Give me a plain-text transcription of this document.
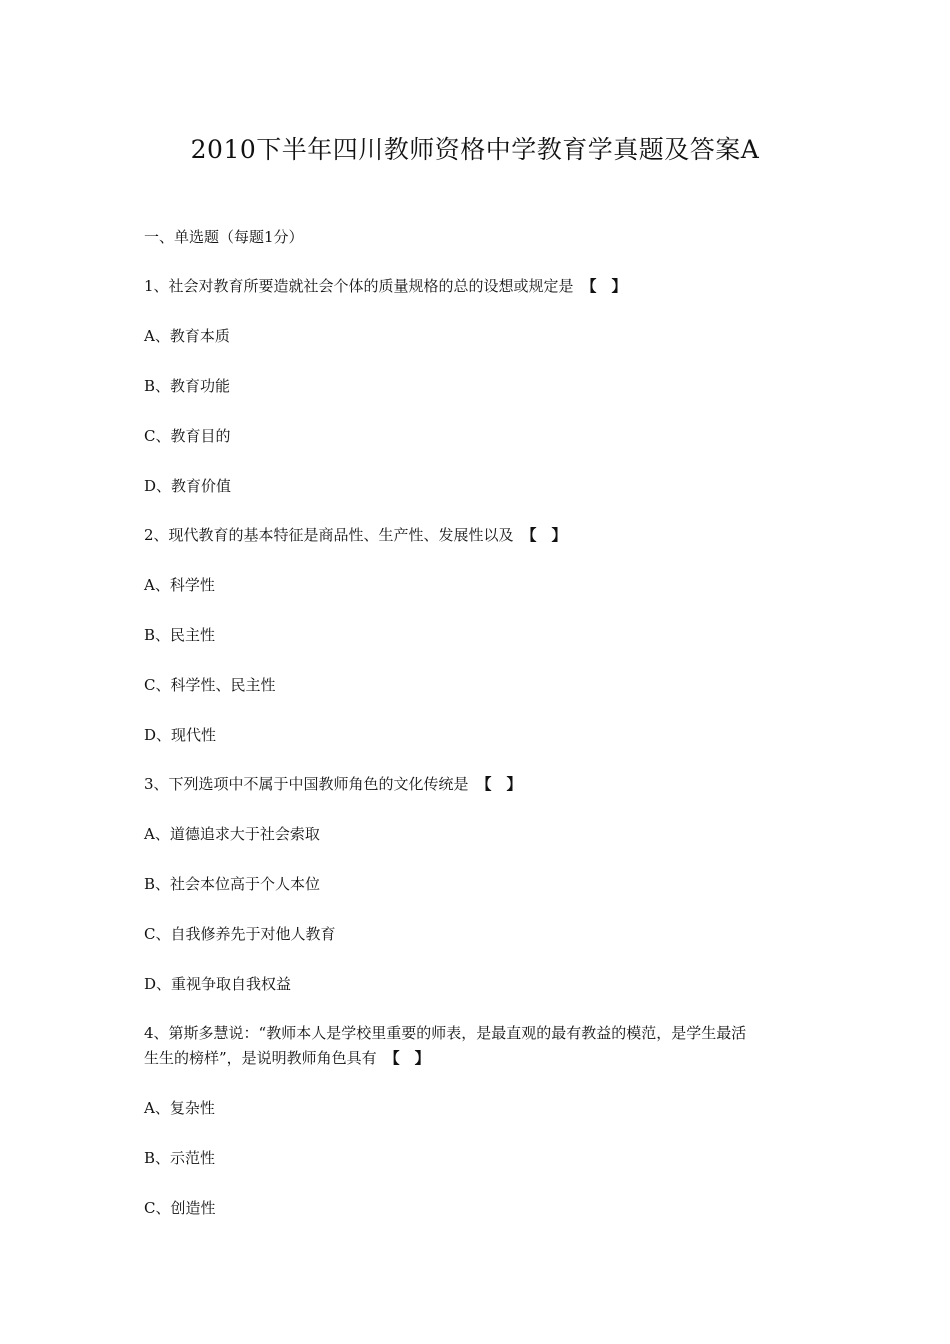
2010下半年四川教师资格中学教育学真题及答案A
一、单选题（每题1分）
1、社会对教育所要造就社会个体的质量规格的总的设想或规定是 【　】
A、教育本质
B、教育功能
C、教育目的
D、教育价值
2、现代教育的基本特征是商品性、生产性、发展性以及 【　】
A、科学性
B、民主性
C、科学性、民主性
D、现代性
3、下列选项中不属于中国教师角色的文化传统是 【　】
A、道德追求大于社会索取
B、社会本位高于个人本位
C、自我修养先于对他人教育
D、重视争取自我权益
4、第斯多慧说：“教师本人是学校里重要的师表，是最直观的最有教益的模范，是学生最活
生生的榜样”，是说明教师角色具有 【　】
A、复杂性
B、示范性
C、创造性
